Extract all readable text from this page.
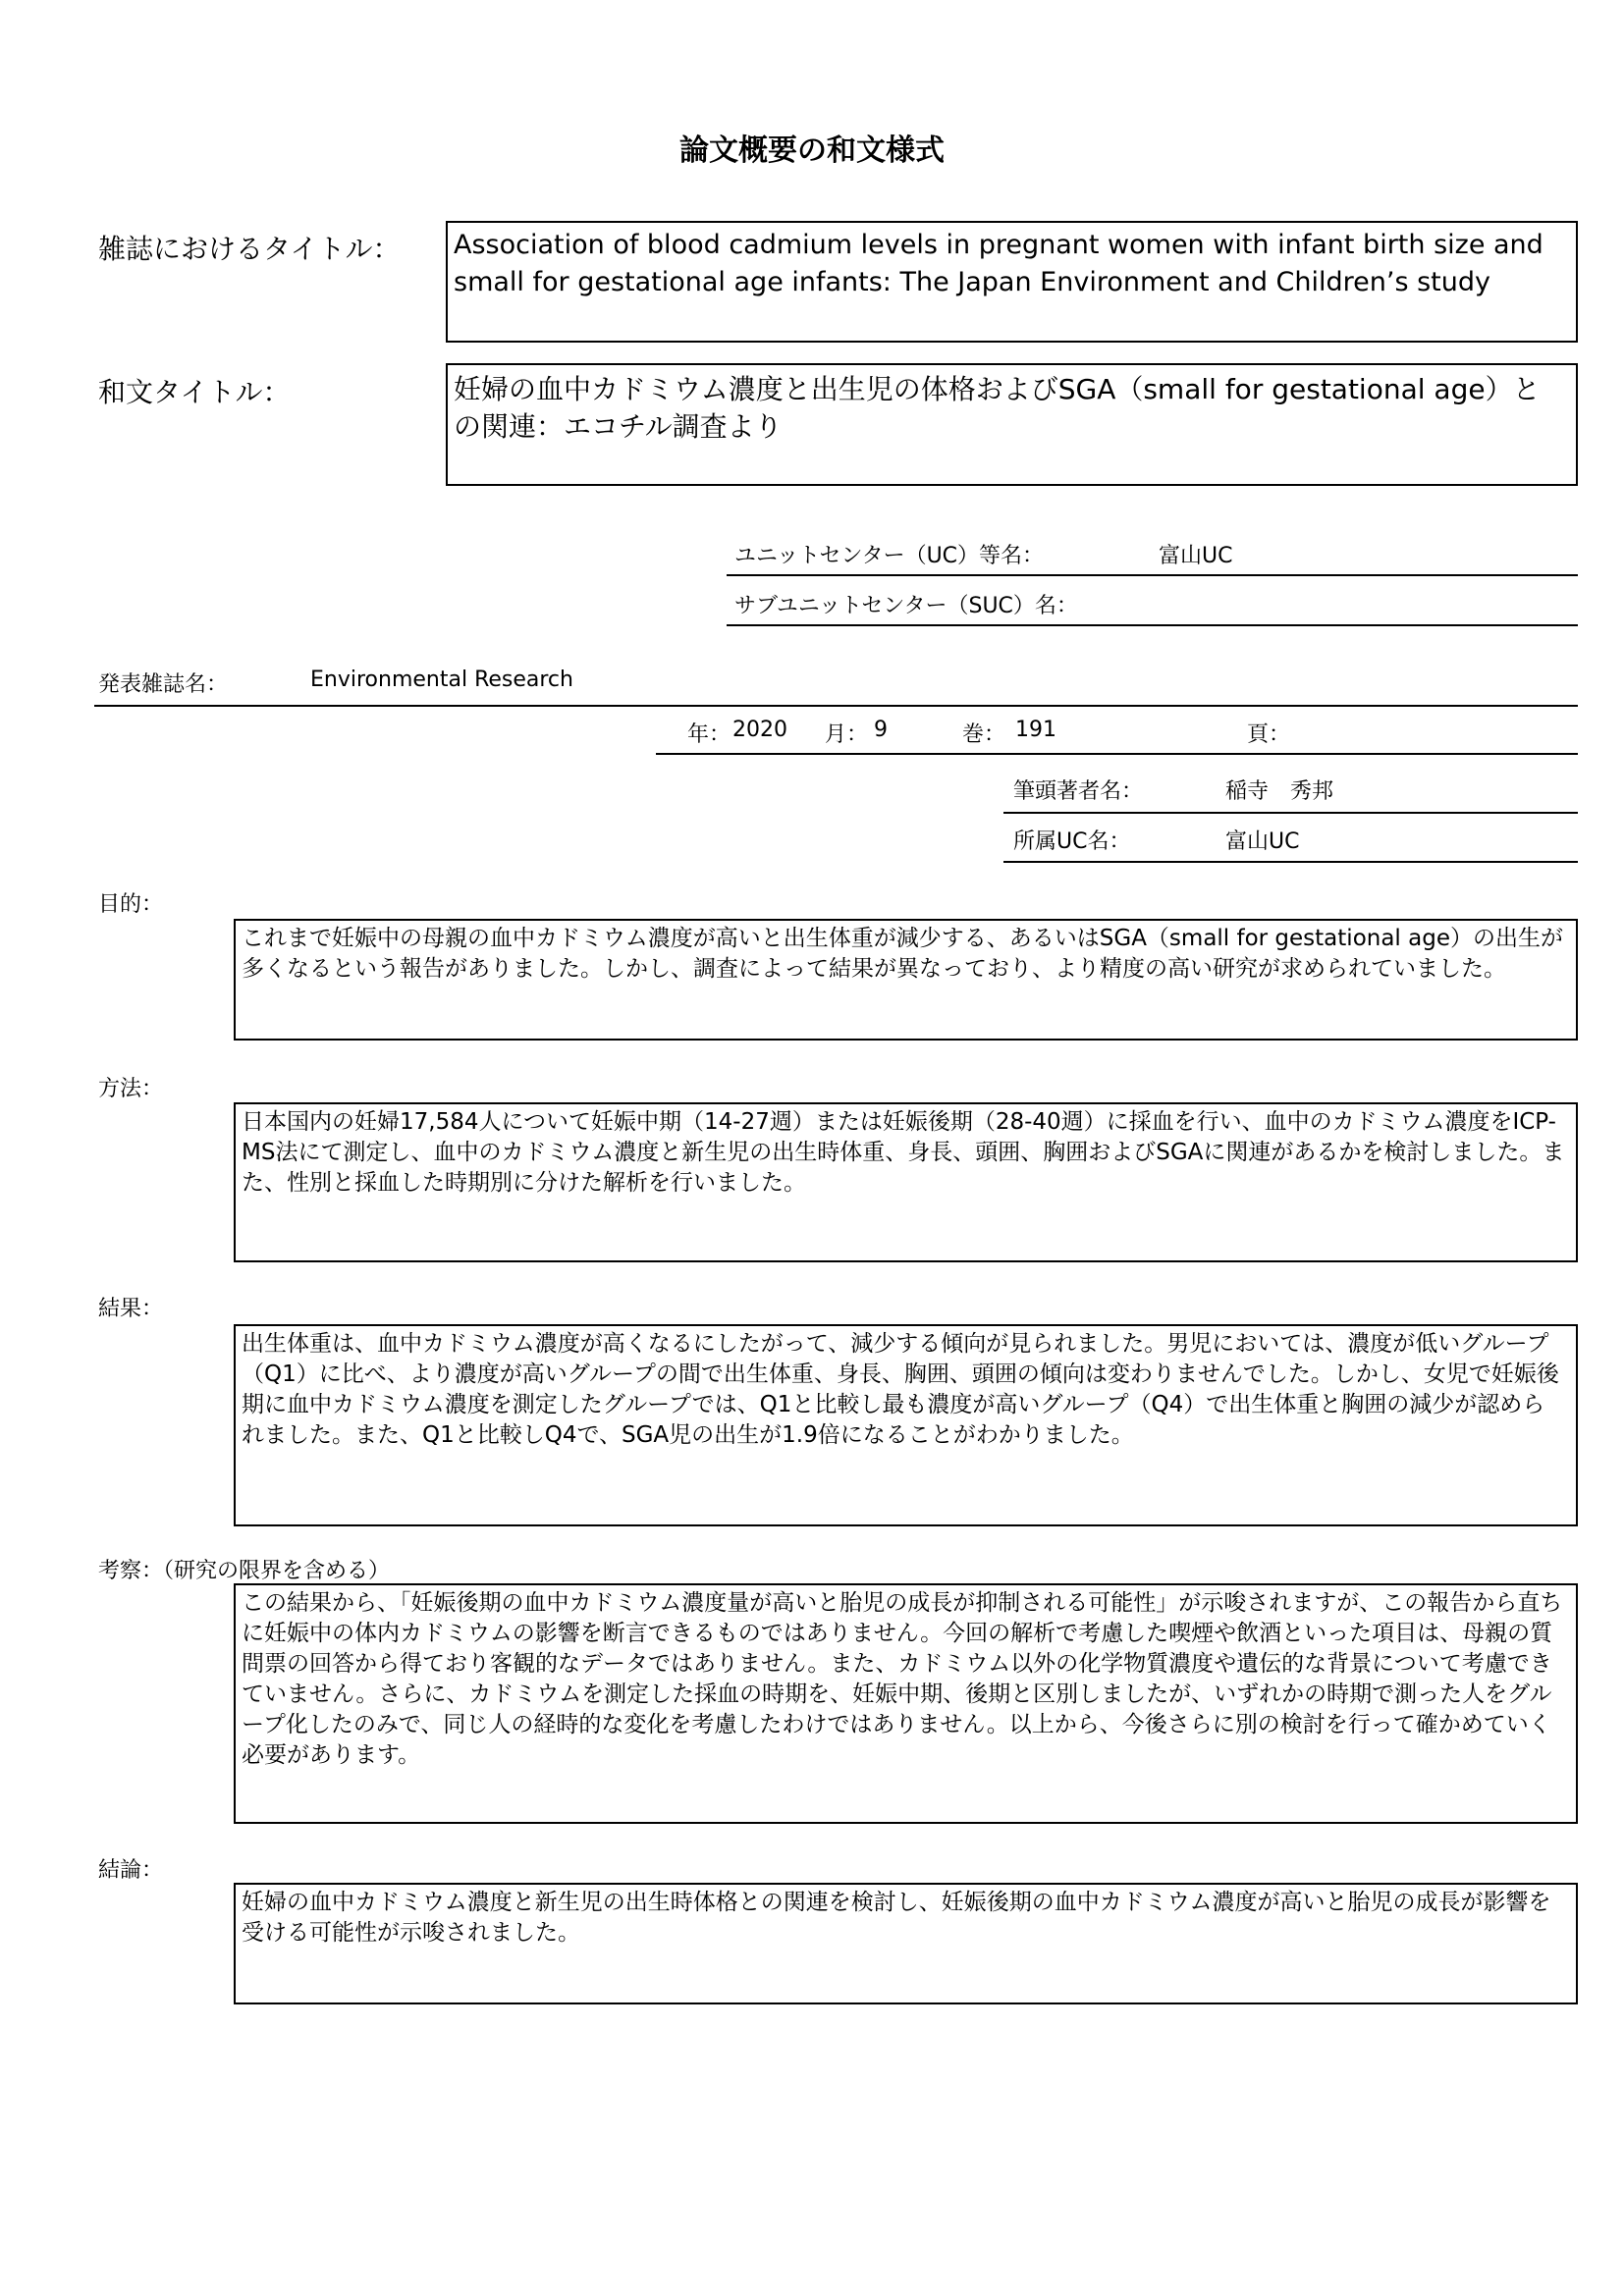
論文概要の和文様式
雑誌におけるタイトル： Association of blood cadmium levels in pregnant women with infant birth size and small for gestational age infants: The Japan Environment and Children’s study
和文タイトル：	妊婦の血中カドミウム濃度と出生児の体格およびSGA（small for gestational age）との関連：エコチル調査より
ユニットセンター（UC）等名：	富山UC
サブユニットセンター（SUC）名：
発表雑誌名：	Environmental Research
年： 2020 月： 9	巻： 191	頁：
筆頭著者名：	稲寺　秀邦
所属UC名：	富山UC
目的：
これまで妊娠中の母親の血中カドミウム濃度が高いと出生体重が減少する、あるいはSGA（small for gestational age）の出生が多くなるという報告がありました。しかし、調査によって結果が異なっており、より精度の高い研究が求められていました。
方法：
日本国内の妊婦17,584人について妊娠中期（14-27週）または妊娠後期（28-40週）に採血を行い、血中のカドミウム濃度をICP-MS法にて測定し、血中のカドミウム濃度と新生児の出生時体重、身長、頭囲、胸囲およびSGAに関連があるかを検討しました。また、性別と採血した時期別に分けた解析を行いました。
結果：
出生体重は、血中カドミウム濃度が高くなるにしたがって、減少する傾向が見られました。男児においては、濃度が低いグループ（Q1）に比べ、より濃度が高いグループの間で出生体重、身長、胸囲、頭囲の傾向は変わりませんでした。しかし、女児で妊娠後期に血中カドミウム濃度を測定したグループでは、Q1と比較し最も濃度が高いグループ（Q4）で出生体重と胸囲の減少が認められました。また、Q1と比較しQ4で、SGA児の出生が1.9倍になることがわかりました。
考察：（研究の限界を含める）
この結果から、「妊娠後期の血中カドミウム濃度量が高いと胎児の成長が抑制される可能性」が示唆されますが、この報告から直ちに妊娠中の体内カドミウムの影響を断言できるものではありません。今回の解析で考慮した喫煙や飲酒といった項目は、母親の質問票の回答から得ており客観的なデータではありません。また、カドミウム以外の化学物質濃度や遺伝的な背景について考慮できていません。さらに、カドミウムを測定した採血の時期を、妊娠中期、後期と区別しましたが、いずれかの時期で測った人をグループ化したのみで、同じ人の経時的な変化を考慮したわけではありません。以上から、今後さらに別の検討を行って確かめていく必要があります。
結論：
妊婦の血中カドミウム濃度と新生児の出生時体格との関連を検討し、妊娠後期の血中カドミウム濃度が高いと胎児の成長が影響を受ける可能性が示唆されました。
